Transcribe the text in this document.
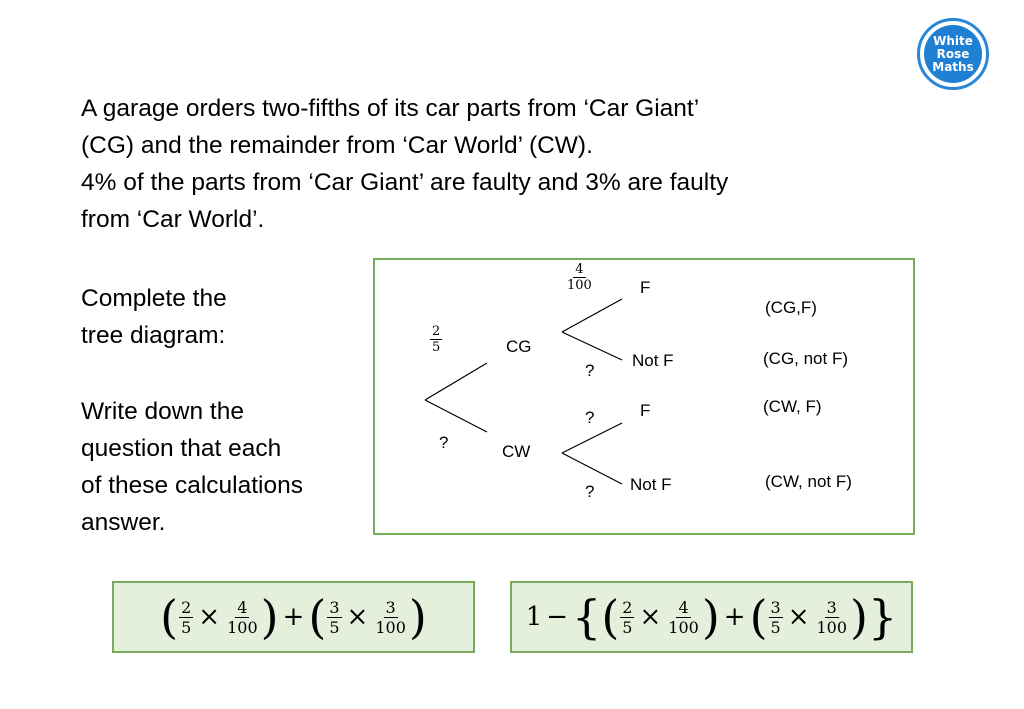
White
Rose
Maths
A garage orders two-fifths of its car parts from ‘Car Giant’
(CG) and the remainder from ‘Car World’ (CW).
4% of the parts from ‘Car Giant’ are faulty and 3% are faulty
from ‘Car World’.
Complete the
tree diagram:
Write down the
question that each
of these calculations
answer.
$\frac{2}{5}$
?
CG
CW
$\frac{4}{100}$
?
?
?
F
Not F
F
Not F
(CG,F)
(CG, not F)
(CW, F)
(CW, not F)
( $\frac{2}{5} \times \frac{4}{100}$ ) + ( $\frac{3}{5} \times \frac{3}{100}$ )	1 − { ( $\frac{2}{5} \times \frac{4}{100}$ ) + ( $\frac{3}{5} \times \frac{3}{100}$ ) }
